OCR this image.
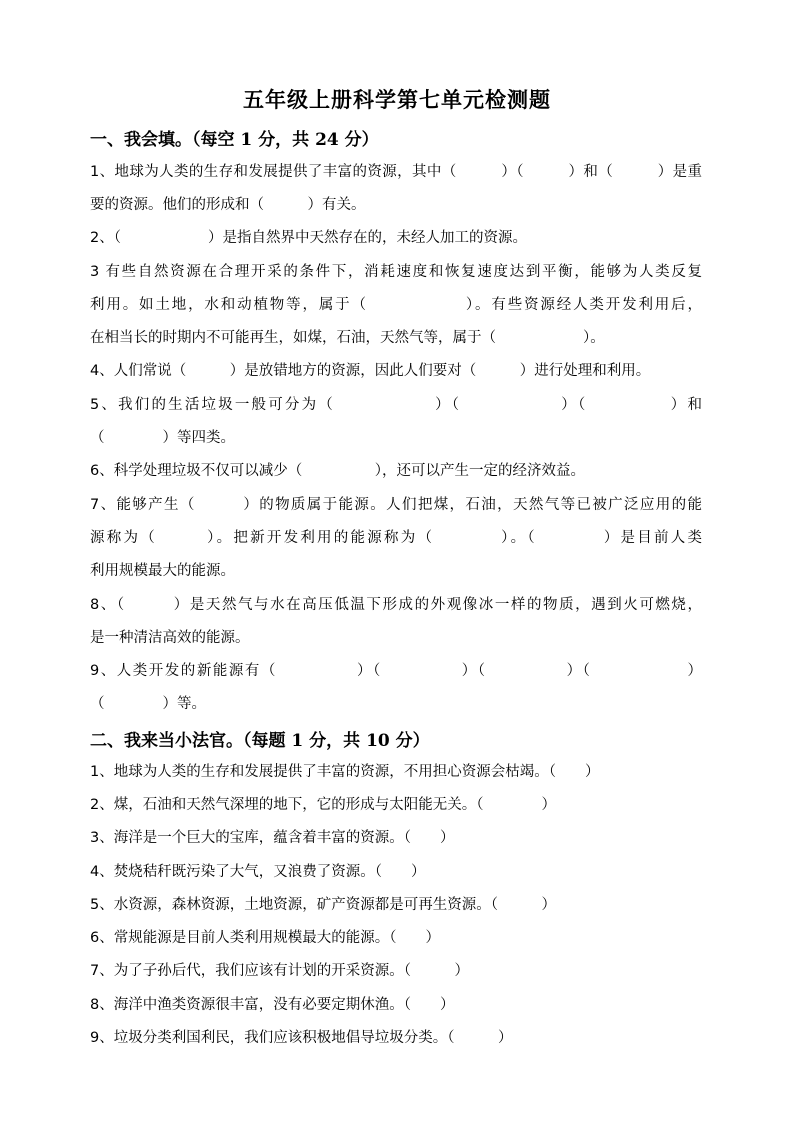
五年级上册科学第七单元检测题
一、我会填。（每空 1 分，共 24 分）
1、地球为人类的生存和发展提供了丰富的资源，其中（　　　）（　　　）和（　　　）是重
要的资源。他们的形成和（　　　）有关。
2、（　　　　　　）是指自然界中天然存在的，未经人加工的资源。
3 有些自然资源在合理开采的条件下，消耗速度和恢复速度达到平衡，能够为人类反复
利用。如土地，水和动植物等，属于（　　　　　　）。有些资源经人类开发利用后，
在相当长的时期内不可能再生，如煤，石油，天然气等，属于（　　　　　　）。
4、人们常说（　　　）是放错地方的资源，因此人们要对（　　　）进行处理和利用。
5、我们的生活垃圾一般可分为（　　　　　　）（　　　　　　）（　　　　　）和
（　　　　）等四类。
6、科学处理垃圾不仅可以减少（　　　　　），还可以产生一定的经济效益。
7、能够产生（　　　）的物质属于能源。人们把煤，石油，天然气等已被广泛应用的能
源称为（　　　）。把新开发利用的能源称为（　　　　）。（　　　　）是目前人类
利用规模最大的能源。
8、（　　　）是天然气与水在高压低温下形成的外观像冰一样的物质，遇到火可燃烧，
是一种清洁高效的能源。
9、人类开发的新能源有（　　　　　）（　　　　　）（　　　　　）（　　　　　　）
（　　　　）等。
二、我来当小法官。（每题 1 分，共 10 分）
1、地球为人类的生存和发展提供了丰富的资源，不用担心资源会枯竭。（　　）
2、煤，石油和天然气深埋的地下，它的形成与太阳能无关。（　　　　）
3、海洋是一个巨大的宝库，蕴含着丰富的资源。（　　）
4、焚烧秸秆既污染了大气，又浪费了资源。（　　）
5、水资源，森林资源，土地资源，矿产资源都是可再生资源。（　　　）
6、常规能源是目前人类利用规模最大的能源。（　　）
7、为了子孙后代，我们应该有计划的开采资源。（　　　）
8、海洋中渔类资源很丰富，没有必要定期休渔。（　　）
9、垃圾分类利国利民，我们应该积极地倡导垃圾分类。（　　　）
